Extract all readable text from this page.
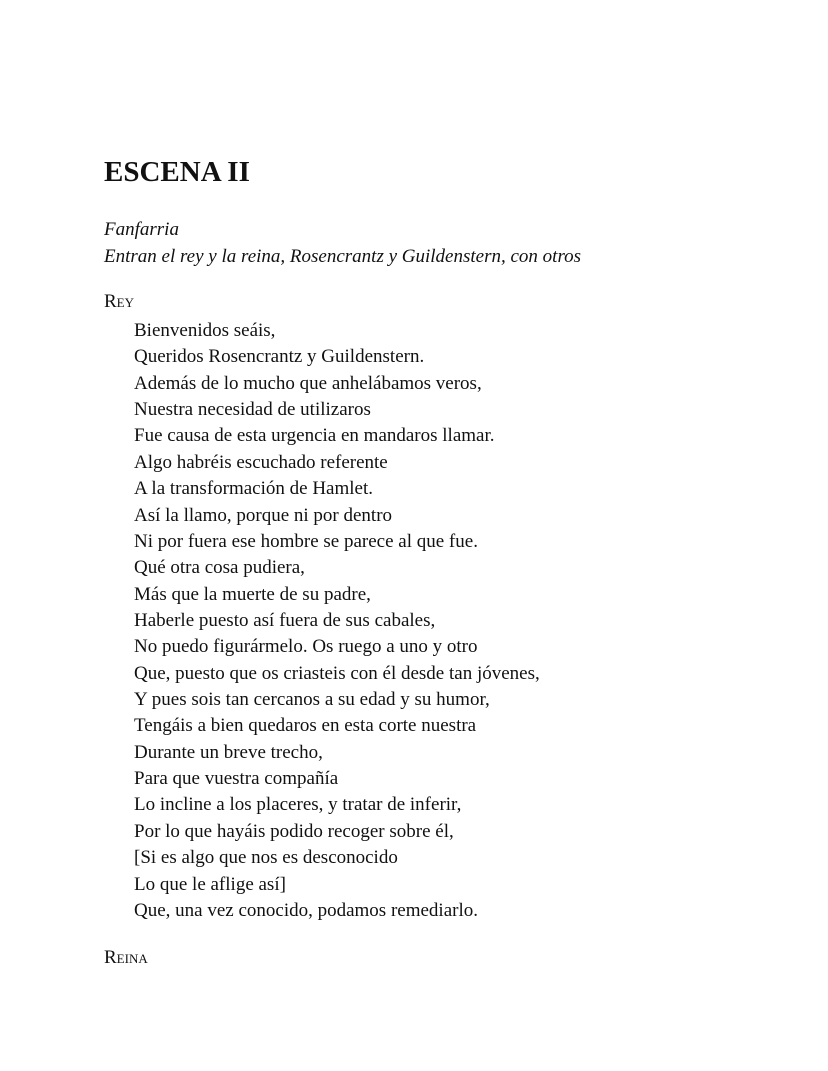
ESCENA II
Fanfarria
Entran el rey y la reina, Rosencrantz y Guildenstern, con otros
Rey
Bienvenidos seáis,
Queridos Rosencrantz y Guildenstern.
Además de lo mucho que anhelábamos veros,
Nuestra necesidad de utilizaros
Fue causa de esta urgencia en mandaros llamar.
Algo habréis escuchado referente
A la transformación de Hamlet.
Así la llamo, porque ni por dentro
Ni por fuera ese hombre se parece al que fue.
Qué otra cosa pudiera,
Más que la muerte de su padre,
Haberle puesto así fuera de sus cabales,
No puedo figurármelo. Os ruego a uno y otro
Que, puesto que os criasteis con él desde tan jóvenes,
Y pues sois tan cercanos a su edad y su humor,
Tengáis a bien quedaros en esta corte nuestra
Durante un breve trecho,
Para que vuestra compañía
Lo incline a los placeres, y tratar de inferir,
Por lo que hayáis podido recoger sobre él,
[Si es algo que nos es desconocido
Lo que le aflige así]
Que, una vez conocido, podamos remediarlo.
Reina
